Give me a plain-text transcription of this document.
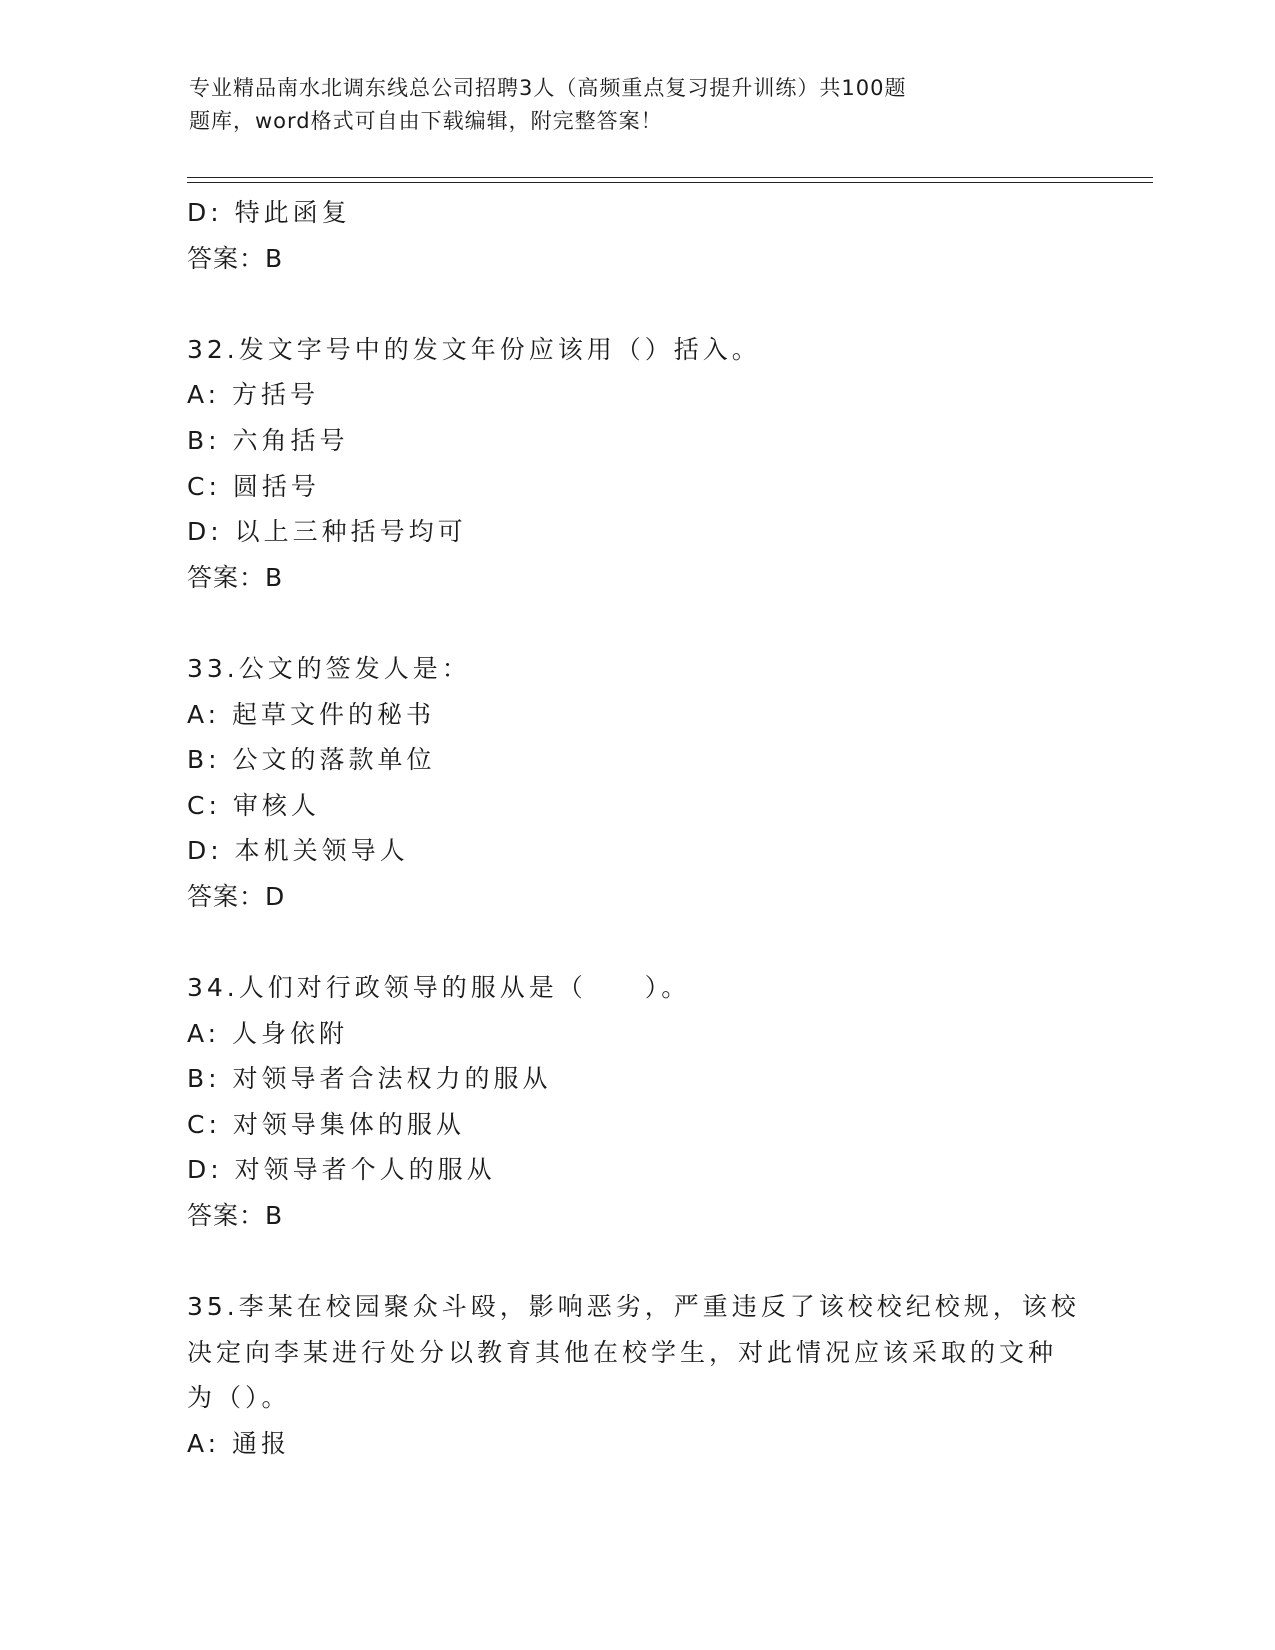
专业精品南水北调东线总公司招聘3人（高频重点复习提升训练）共100题
题库，word格式可自由下载编辑，附完整答案！
D: 特此函复
答案：B
32.发文字号中的发文年份应该用（）括入。
A: 方括号
B: 六角括号
C: 圆括号
D: 以上三种括号均可
答案：B
33.公文的签发人是：
A: 起草文件的秘书
B: 公文的落款单位
C: 审核人
D: 本机关领导人
答案：D
34.人们对行政领导的服从是（　　）。
A: 人身依附
B: 对领导者合法权力的服从
C: 对领导集体的服从
D: 对领导者个人的服从
答案：B
35.李某在校园聚众斗殴，影响恶劣，严重违反了该校校纪校规，该校
决定向李某进行处分以教育其他在校学生，对此情况应该采取的文种
为（）。
A: 通报
